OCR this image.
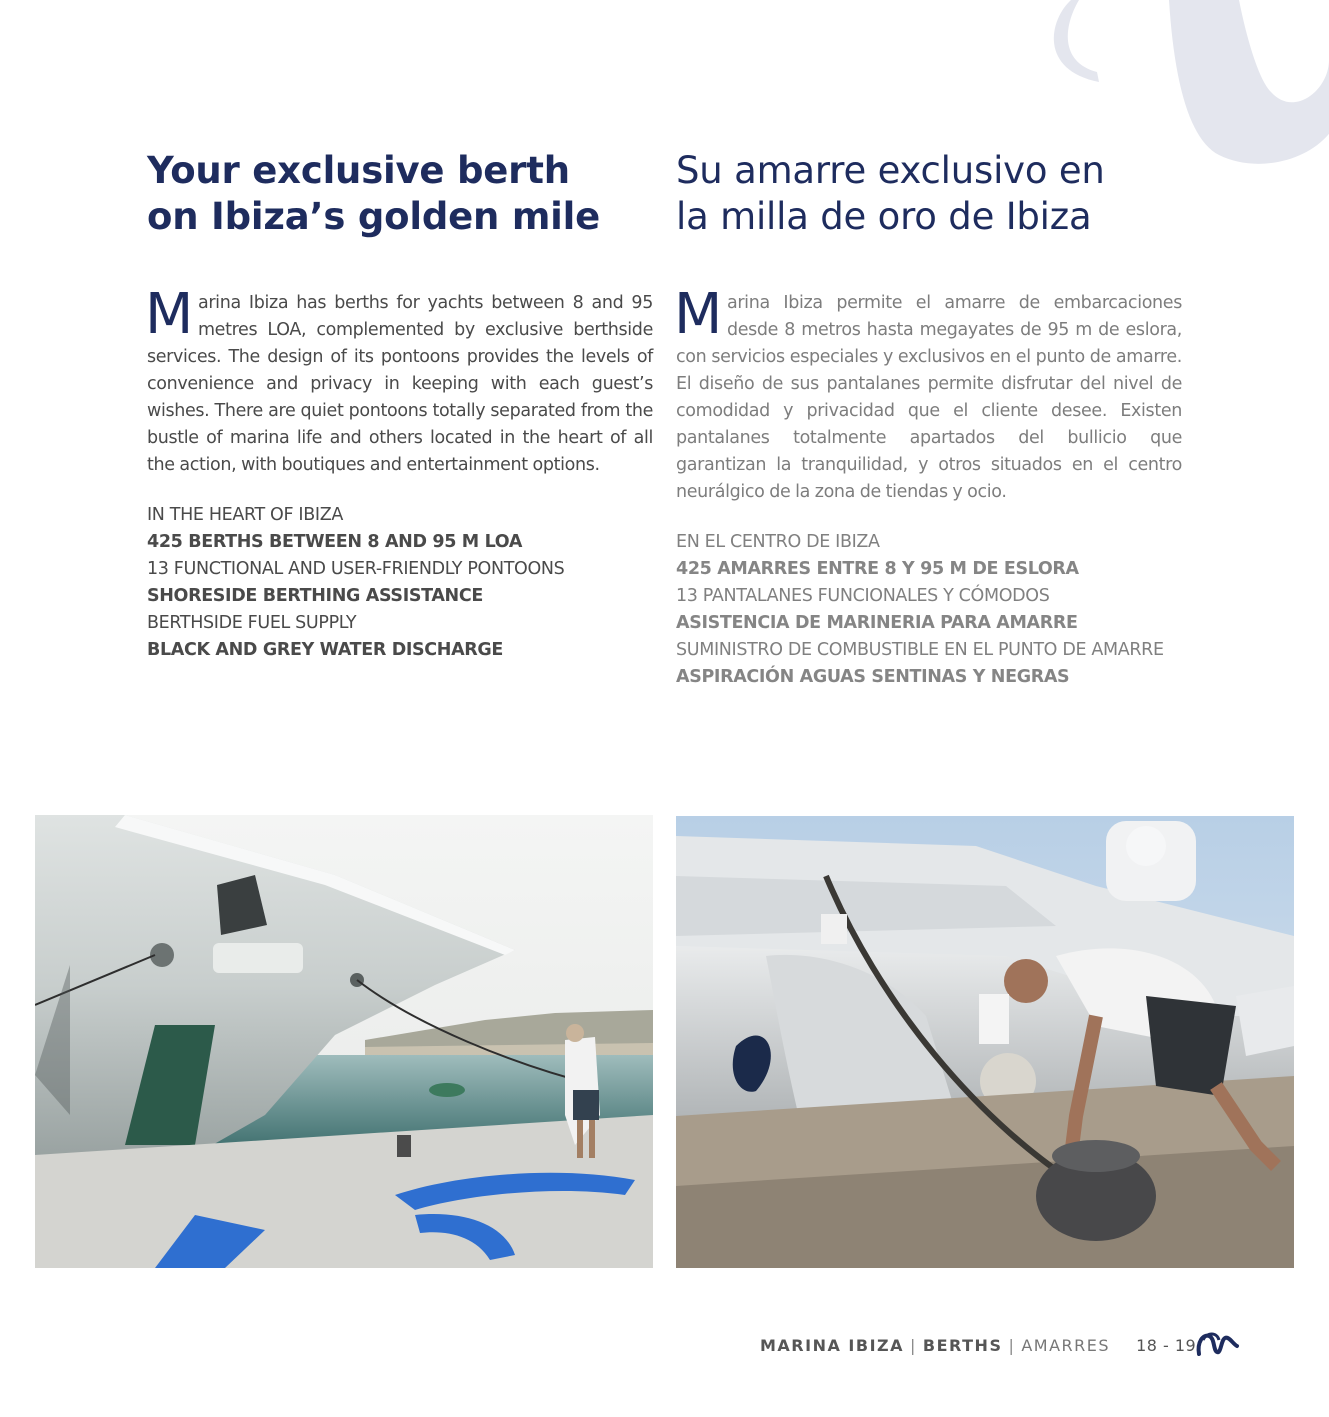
Your exclusive berth
on Ibiza’s golden mile
Marina Ibiza has berths for yachts between 8 and 95 metres LOA, complemented by exclusive berthside services. The design of its pontoons provides the levels of convenience and privacy in keeping with each guest’s wishes. There are quiet pontoons totally separated from the bustle of marina life and others located in the heart of all the action, with boutiques and entertainment options.
IN THE HEART OF IBIZA
425 BERTHS BETWEEN 8 AND 95 M LOA
13 FUNCTIONAL AND USER-FRIENDLY PONTOONS
SHORESIDE BERTHING ASSISTANCE
BERTHSIDE FUEL SUPPLY
BLACK AND GREY WATER DISCHARGE
Su amarre exclusivo en
la milla de oro de Ibiza
Marina Ibiza permite el amarre de embarcaciones desde 8 metros hasta megayates de 95 m de eslora, con servicios especiales y exclusivos en el punto de amarre. El diseño de sus pantalanes permite disfrutar del nivel de comodidad y privacidad que el cliente desee. Existen pantalanes totalmente apartados del bullicio que garantizan la tranquilidad, y otros situados en el centro neurálgico de la zona de tiendas y ocio.
EN EL CENTRO DE IBIZA
425 AMARRES ENTRE 8 Y 95 M DE ESLORA
13 PANTALANES FUNCIONALES Y CÓMODOS
ASISTENCIA DE MARINERIA PARA AMARRE
SUMINISTRO DE COMBUSTIBLE EN EL PUNTO DE AMARRE
ASPIRACIÓN AGUAS SENTINAS Y NEGRAS
MARINA IBIZA | BERTHS | AMARRES 18 - 19
